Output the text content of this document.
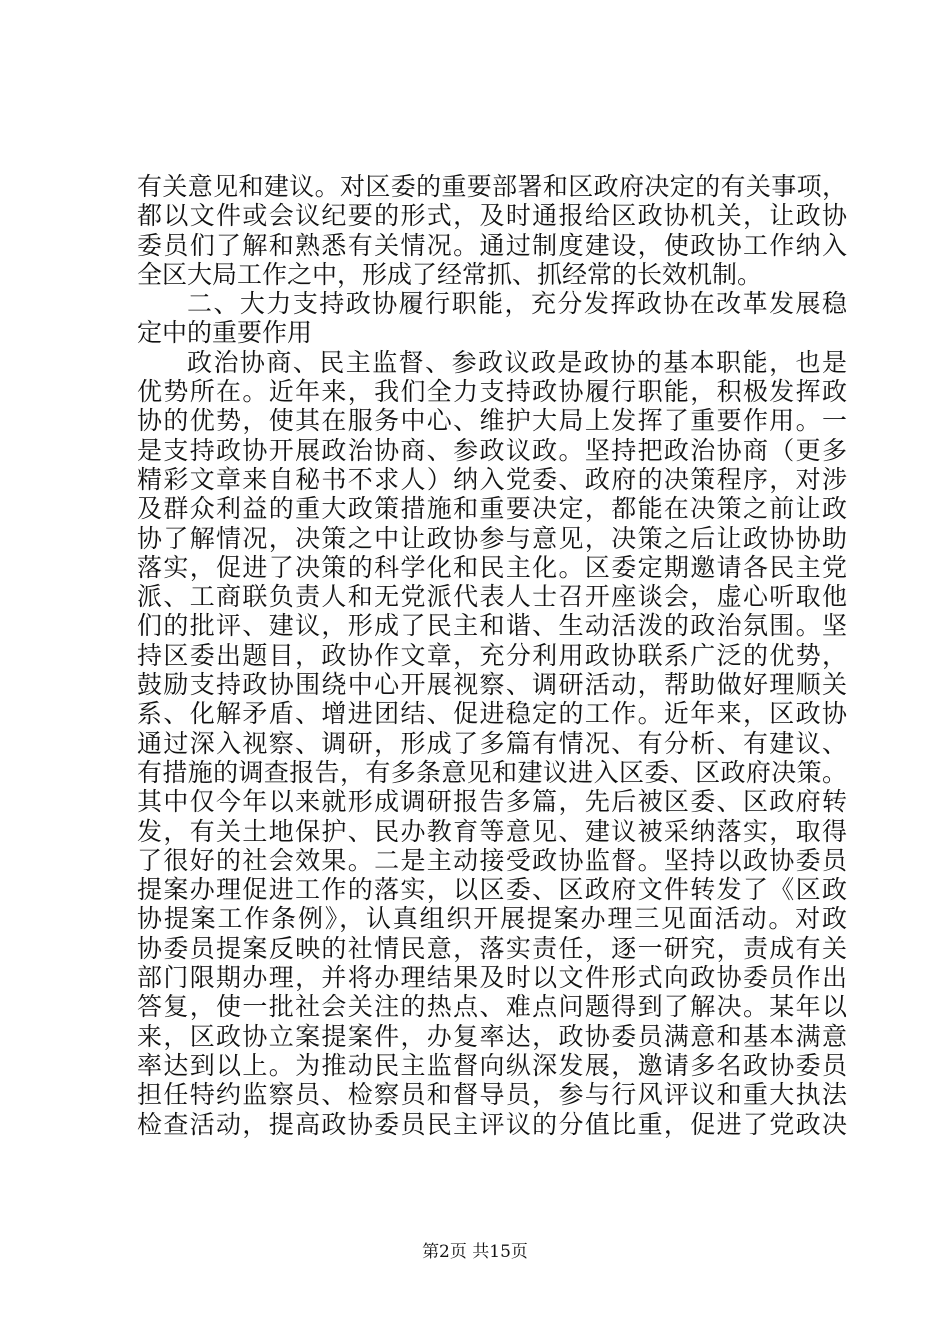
有关意见和建议。对区委的重要部署和区政府决定的有关事项，
都以文件或会议纪要的形式，及时通报给区政协机关，让政协
委员们了解和熟悉有关情况。通过制度建设，使政协工作纳入
全区大局工作之中，形成了经常抓、抓经常的长效机制。
二、大力支持政协履行职能，充分发挥政协在改革发展稳
定中的重要作用
政治协商、民主监督、参政议政是政协的基本职能，也是
优势所在。近年来，我们全力支持政协履行职能，积极发挥政
协的优势，使其在服务中心、维护大局上发挥了重要作用。一
是支持政协开展政治协商、参政议政。坚持把政治协商（更多
精彩文章来自秘书不求人）纳入党委、政府的决策程序，对涉
及群众利益的重大政策措施和重要决定，都能在决策之前让政
协了解情况，决策之中让政协参与意见，决策之后让政协协助
落实，促进了决策的科学化和民主化。区委定期邀请各民主党
派、工商联负责人和无党派代表人士召开座谈会，虚心听取他
们的批评、建议，形成了民主和谐、生动活泼的政治氛围。坚
持区委出题目，政协作文章，充分利用政协联系广泛的优势，
鼓励支持政协围绕中心开展视察、调研活动，帮助做好理顺关
系、化解矛盾、增进团结、促进稳定的工作。近年来，区政协
通过深入视察、调研，形成了多篇有情况、有分析、有建议、
有措施的调查报告，有多条意见和建议进入区委、区政府决策。
其中仅今年以来就形成调研报告多篇，先后被区委、区政府转
发，有关土地保护、民办教育等意见、建议被采纳落实，取得
了很好的社会效果。二是主动接受政协监督。坚持以政协委员
提案办理促进工作的落实，以区委、区政府文件转发了《区政
协提案工作条例》，认真组织开展提案办理三见面活动。对政
协委员提案反映的社情民意，落实责任，逐一研究，责成有关
部门限期办理，并将办理结果及时以文件形式向政协委员作出
答复，使一批社会关注的热点、难点问题得到了解决。某年以
来，区政协立案提案件，办复率达，政协委员满意和基本满意
率达到以上。为推动民主监督向纵深发展，邀请多名政协委员
担任特约监察员、检察员和督导员，参与行风评议和重大执法
检查活动，提高政协委员民主评议的分值比重，促进了党政决
第2页 共15页
